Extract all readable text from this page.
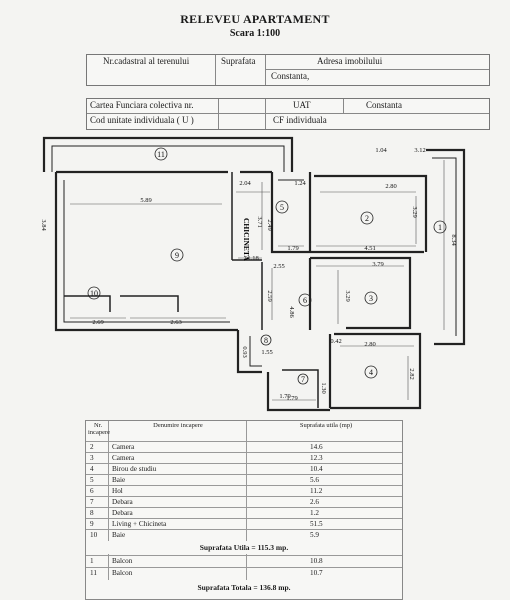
RELEVEU APARTAMENT
Scara 1:100
Nr.cadastral al terenului	Suprafata	Adresa imobilului
Constanta,
Cartea Funciara colectiva nr.	UAT	Constanta
Cod unitate individuala ( U )	CF individuala
11
5
2
1
9
3
10
6
8
4
7
3.12
1.04
2.04	1.24	2.80
5.89
3.84	2.49
3.71
3.29
8.34
1.79	4.51
1.18
2.55	3.79
1.79
2.59
4.86
3.29
2.69	2.63
0.42	2.80
0.93 1.55
2.82
1.30
1.79
CHICINETA
Nr. incapere
Denumire incapere	Suprafata utila (mp)
2	Camera	14.6
3	Camera	12.3
4	Birou de studiu	10.4
5	Baie	5.6
6	Hol	11.2
7	Debara	2.6
8	Debara	1.2
9	Living + Chicineta	51.5
10 Baie	5.9
Suprafata Utila = 115.3 mp.
1	Balcon	10.8
11 Balcon	10.7
Suprafata Totala = 136.8 mp.
